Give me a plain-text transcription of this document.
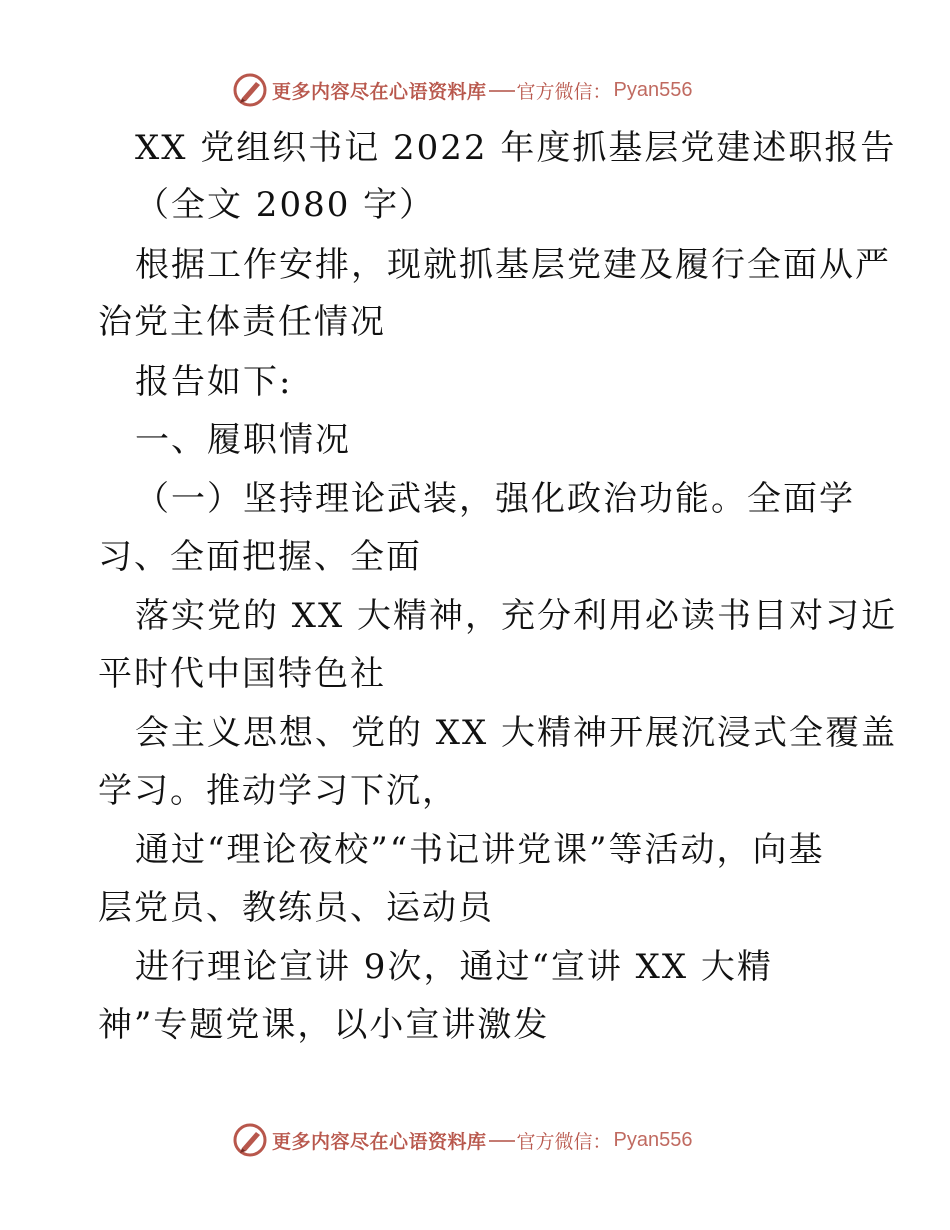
更多内容尽在心语资料库 官方微信： Pyan556
XX 党组织书记 2022 年度抓基层党建述职报告
（全文 2080 字）
根据工作安排，现就抓基层党建及履行全面从严
治党主体责任情况
报告如下:
一、履职情况
（一）坚持理论武装，强化政治功能。全面学
习、全面把握、全面
落实党的 XX 大精神，充分利用必读书目对习近
平时代中国特色社
会主义思想、党的 XX 大精神开展沉浸式全覆盖
学习。推动学习下沉，
通过“理论夜校”“书记讲党课”等活动，向基
层党员、教练员、运动员
进行理论宣讲 9次，通过“宣讲 XX 大精
神”专题党课，以小宣讲激发
更多内容尽在心语资料库 官方微信： Pyan556
